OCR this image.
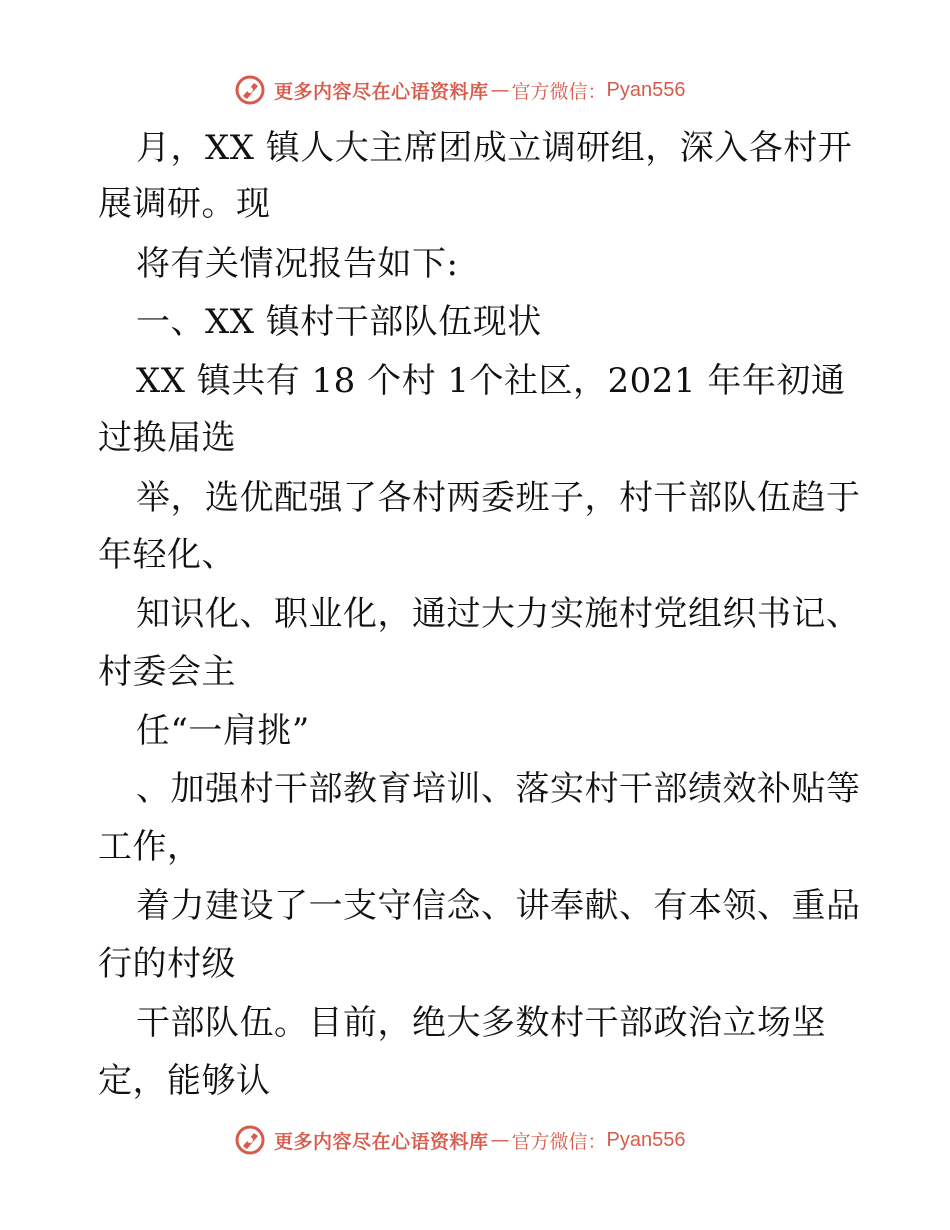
更多内容尽在心语资料库 — 官方微信： Pyan556
月，XX 镇人大主席团成立调研组，深入各村开
展调研。现
将有关情况报告如下:
一、XX 镇村干部队伍现状
XX 镇共有 18 个村 1个社区，2021 年年初通
过换届选
举，选优配强了各村两委班子，村干部队伍趋于
年轻化、
知识化、职业化，通过大力实施村党组织书记、
村委会主
任“一肩挑”
、加强村干部教育培训、落实村干部绩效补贴等
工作，
着力建设了一支守信念、讲奉献、有本领、重品
行的村级
干部队伍。目前，绝大多数村干部政治立场坚
定，能够认
更多内容尽在心语资料库 — 官方微信： Pyan556
